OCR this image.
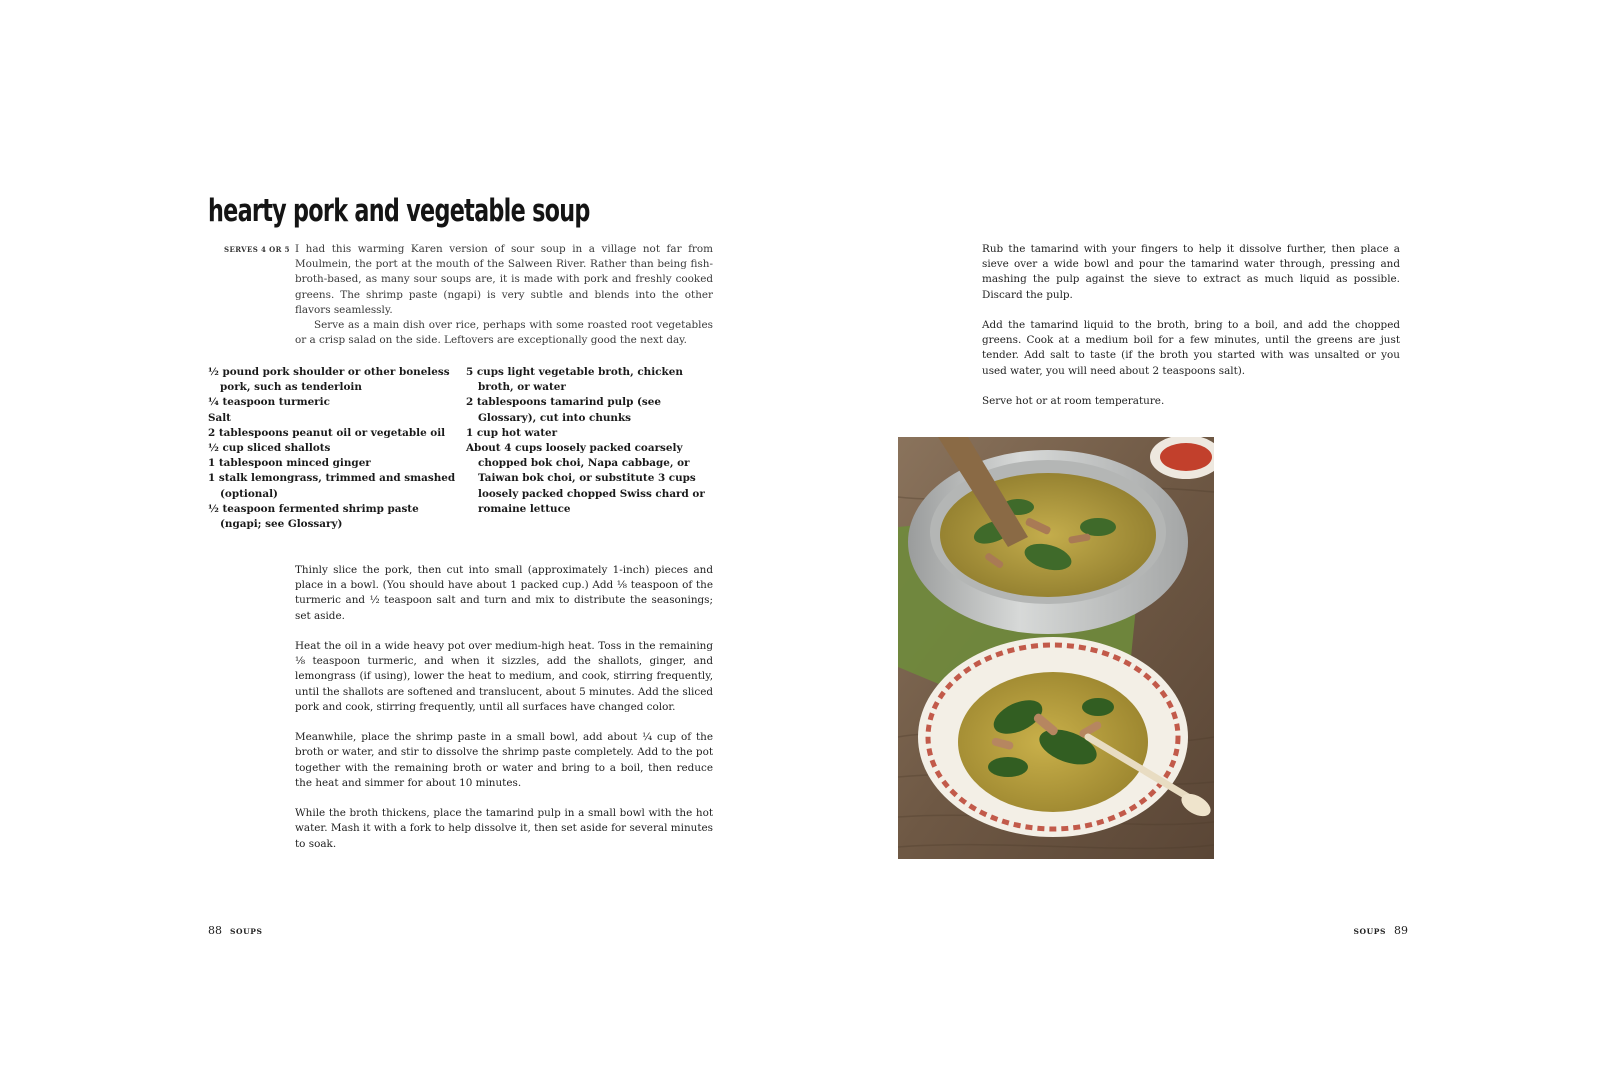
hearty pork and vegetable soup
SERVES 4 OR 5 I had this warming Karen version of sour soup in a village not far from Moulmein, the port at the mouth of the Salween River. Rather than being fish-broth-based, as many sour soups are, it is made with pork and freshly cooked greens. The shrimp paste (ngapi) is very subtle and blends into the other flavors seamlessly.

Serve as a main dish over rice, perhaps with some roasted root vegetables or a crisp salad on the side. Leftovers are exceptionally good the next day.

½ pound pork shoulder or other boneless pork, such as tenderloin
¼ teaspoon turmeric
Salt
2 tablespoons peanut oil or vegetable oil
½ cup sliced shallots
1 tablespoon minced ginger
1 stalk lemongrass, trimmed and smashed (optional)
½ teaspoon fermented shrimp paste (ngapi; see Glossary)
5 cups light vegetable broth, chicken broth, or water
2 tablespoons tamarind pulp (see Glossary), cut into chunks
1 cup hot water
About 4 cups loosely packed coarsely chopped bok choi, Napa cabbage, or Taiwan bok choi, or substitute 3 cups loosely packed chopped Swiss chard or romaine lettuce

Thinly slice the pork, then cut into small (approximately 1-inch) pieces and place in a bowl. (You should have about 1 packed cup.) Add ⅛ teaspoon of the turmeric and ½ teaspoon salt and turn and mix to distribute the seasonings; set aside.

Heat the oil in a wide heavy pot over medium-high heat. Toss in the remaining ⅛ teaspoon turmeric, and when it sizzles, add the shallots, ginger, and lemongrass (if using), lower the heat to medium, and cook, stirring frequently, until the shallots are softened and translucent, about 5 minutes. Add the sliced pork and cook, stirring frequently, until all surfaces have changed color.

Meanwhile, place the shrimp paste in a small bowl, add about ¼ cup of the broth or water, and stir to dissolve the shrimp paste completely. Add to the pot together with the remaining broth or water and bring to a boil, then reduce the heat and simmer for about 10 minutes.

While the broth thickens, place the tamarind pulp in a small bowl with the hot water. Mash it with a fork to help dissolve it, then set aside for several minutes to soak.

Rub the tamarind with your fingers to help it dissolve further, then place a sieve over a wide bowl and pour the tamarind water through, pressing and mashing the pulp against the sieve to extract as much liquid as possible. Discard the pulp.

Add the tamarind liquid to the broth, bring to a boil, and add the chopped greens. Cook at a medium boil for a few minutes, until the greens are just tender. Add salt to taste (if the broth you started with was unsalted or you used water, you will need about 2 teaspoons salt).

Serve hot or at room temperature.

88 SOUPS	SOUPS 89
